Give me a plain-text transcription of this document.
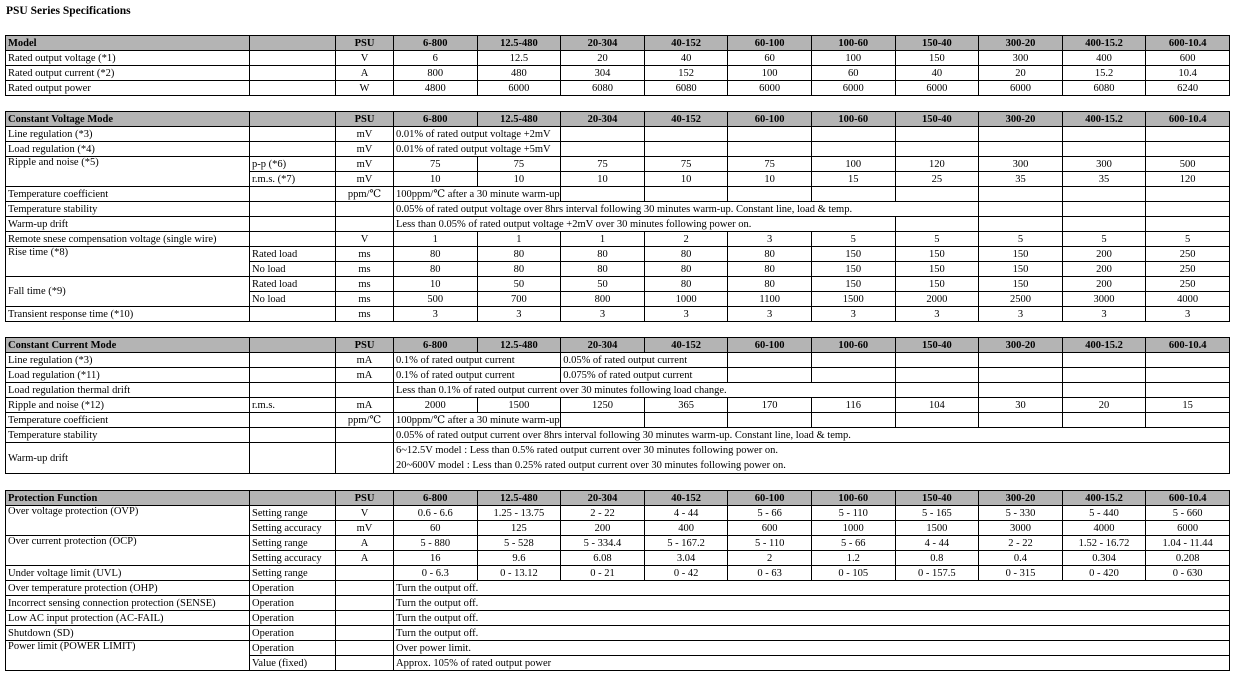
PSU Series Specifications
Model		PSU	6-800	12.5-480	20-304	40-152	60-100	100-60	150-40	300-20	400-15.2	600-10.4
Rated output voltage (*1)		V	6	12.5	20	40	60	100	150	300	400	600
Rated output current (*2)		A	800	480	304	152	100	60	40	20	15.2	10.4
Rated output power		W	4800	6000	6080	6080	6000	6000	6000	6000	6080	6240
Constant Voltage Mode		PSU	6-800	12.5-480	20-304	40-152	60-100	100-60	150-40	300-20	400-15.2	600-10.4
Line regulation (*3)		mV	0.01% of rated output voltage +2mV									
Load regulation (*4)		mV	0.01% of rated output voltage +5mV									
Ripple and noise (*5)	p-p (*6)	mV	75	75	75	75	75	100	120	300	300	500
	r.m.s. (*7)	mV	10	10	10	10	10	15	25	35	35	120
Temperature coefficient		ppm/℃	100ppm/℃ after a 30 minute warm-up									
Temperature stability			0.05% of rated output voltage over 8hrs interval following 30 minutes warm-up. Constant line, load & temp.									
Warm-up drift			Less than 0.05% of rated output voltage +2mV over 30 minutes following power on.									
Remote snese compensation voltage (single wire)		V	1	1	1	2	3	5	5	5	5	5
Rise time (*8)	Rated load	ms	80	80	80	80	80	150	150	150	200	250
	No load	ms	80	80	80	80	80	150	150	150	200	250
Fall time (*9)	Rated load	ms	10	50	50	80	80	150	150	150	200	250
	No load	ms	500	700	800	1000	1100	1500	2000	2500	3000	4000
Transient response time (*10)		ms	3	3	3	3	3	3	3	3	3	3
Constant Current Mode		PSU	6-800	12.5-480	20-304	40-152	60-100	100-60	150-40	300-20	400-15.2	600-10.4
Line regulation (*3)		mA	0.1% of rated output current		0.05% of rated output current							
Load regulation (*11)		mA	0.1% of rated output current		0.075% of rated output current							
Load regulation thermal drift			Less than 0.1% of rated output current over 30 minutes following load change.									
Ripple and noise (*12)	r.m.s.	mA	2000	1500	1250	365	170	116	104	30	20	15
Temperature coefficient		ppm/℃	100ppm/℃ after a 30 minute warm-up									
Temperature stability			0.05% of rated output current over 8hrs interval following 30 minutes warm-up. Constant line, load & temp.									
Warm-up drift			6~12.5V model : Less than 0.5% rated output current over 30 minutes following power on.
20~600V model : Less than 0.25% rated output current over 30 minutes following power on.									
Protection Function		PSU	6-800	12.5-480	20-304	40-152	60-100	100-60	150-40	300-20	400-15.2	600-10.4
Over voltage protection (OVP)	Setting range	V	0.6 - 6.6	1.25 - 13.75	2 - 22	4 - 44	5 - 66	5 - 110	5 - 165	5 - 330	5 - 440	5 - 660
	Setting accuracy	mV	60	125	200	400	600	1000	1500	3000	4000	6000
Over current protection (OCP)	Setting range	A	5 - 880	5 - 528	5 - 334.4	5 - 167.2	5 - 110	5 - 66	4 - 44	2 - 22	1.52 - 16.72	1.04 - 11.44
	Setting accuracy	A	16	9.6	6.08	3.04	2	1.2	0.8	0.4	0.304	0.208
Under voltage limit (UVL)	Setting range		0 - 6.3	0 - 13.12	0 - 21	0 - 42	0 - 63	0 - 105	0 - 157.5	0 - 315	0 - 420	0 - 630
Over temperature protection (OHP)	Operation		Turn the output off.									
Incorrect sensing connection protection (SENSE)	Operation		Turn the output off.									
Low AC input protection (AC-FAIL)	Operation		Turn the output off.									
Shutdown (SD)	Operation		Turn the output off.									
Power limit (POWER LIMIT)	Operation		Over power limit.									
	Value (fixed)		Approx. 105% of rated output power									
